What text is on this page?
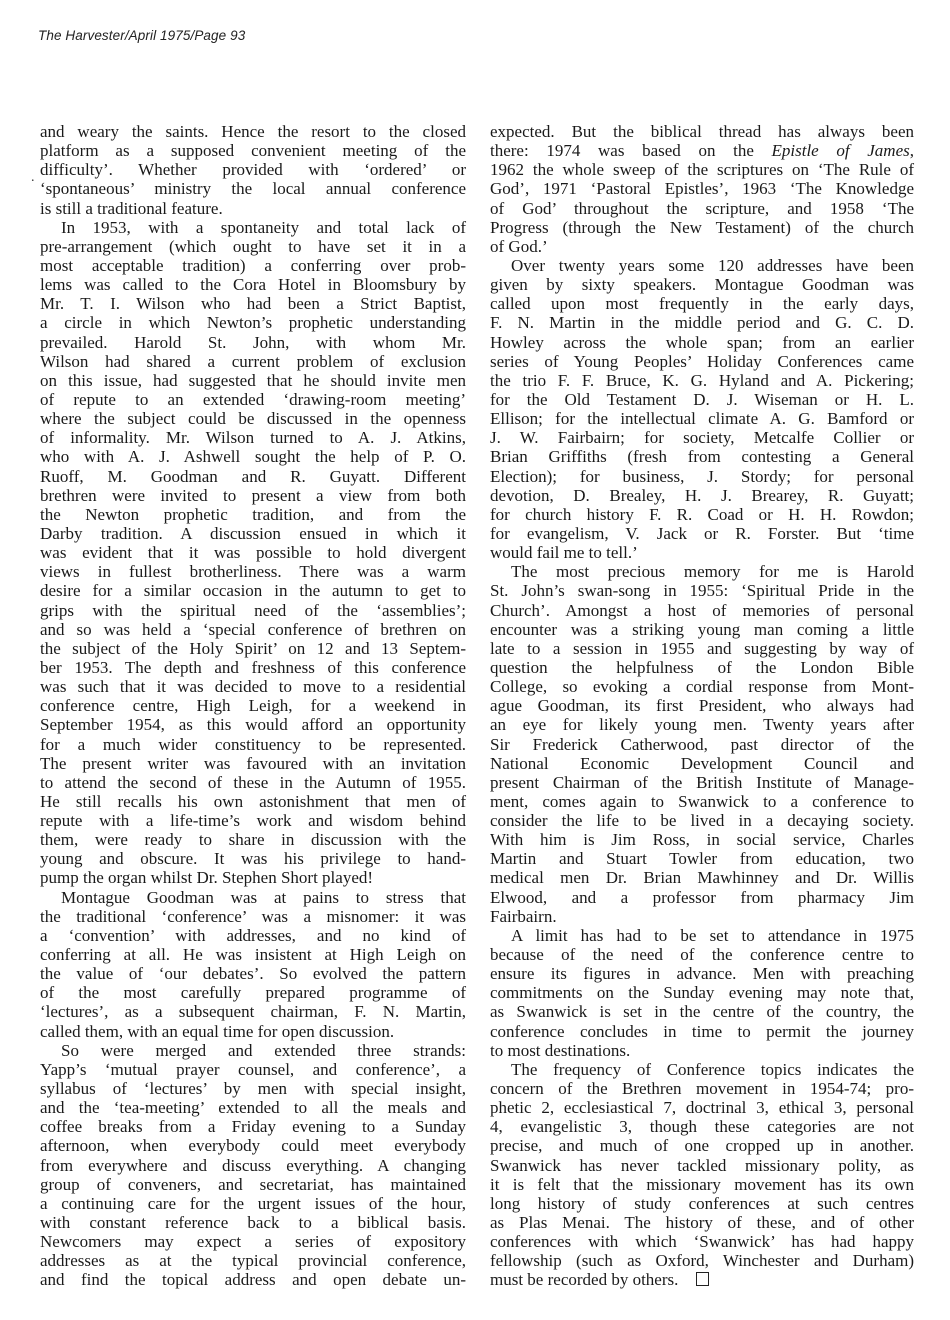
The Harvester/April 1975/Page 93
.
and weary the saints. Hence the resort to the closed
platform as a supposed convenient meeting of the
difficulty’. Whether provided with ‘ordered’ or
‘spontaneous’ ministry the local annual conference
is still a traditional feature.
In 1953, with a spontaneity and total lack of
pre-arrangement (which ought to have set it in a
most acceptable tradition) a conferring over prob-
lems was called to the Cora Hotel in Bloomsbury by
Mr. T. I. Wilson who had been a Strict Baptist,
a circle in which Newton’s prophetic understanding
prevailed. Harold St. John, with whom Mr.
Wilson had shared a current problem of exclusion
on this issue, had suggested that he should invite men
of repute to an extended ‘drawing-room meeting’
where the subject could be discussed in the openness
of informality. Mr. Wilson turned to A. J. Atkins,
who with A. J. Ashwell sought the help of P. O.
Ruoff, M. Goodman and R. Guyatt. Different
brethren were invited to present a view from both
the Newton prophetic tradition, and from the
Darby tradition. A discussion ensued in which it
was evident that it was possible to hold divergent
views in fullest brotherliness. There was a warm
desire for a similar occasion in the autumn to get to
grips with the spiritual need of the ‘assemblies’;
and so was held a ‘special conference of brethren on
the subject of the Holy Spirit’ on 12 and 13 Septem-
ber 1953. The depth and freshness of this conference
was such that it was decided to move to a residential
conference centre, High Leigh, for a weekend in
September 1954, as this would afford an opportunity
for a much wider constituency to be represented.
The present writer was favoured with an invitation
to attend the second of these in the Autumn of 1955.
He still recalls his own astonishment that men of
repute with a life-time’s work and wisdom behind
them, were ready to share in discussion with the
young and obscure. It was his privilege to hand-
pump the organ whilst Dr. Stephen Short played!
Montague Goodman was at pains to stress that
the traditional ‘conference’ was a misnomer: it was
a ‘convention’ with addresses, and no kind of
conferring at all. He was insistent at High Leigh on
the value of ‘our debates’. So evolved the pattern
of the most carefully prepared programme of
‘lectures’, as a subsequent chairman, F. N. Martin,
called them, with an equal time for open discussion.
So were merged and extended three strands:
Yapp’s ‘mutual prayer counsel, and conference’, a
syllabus of ‘lectures’ by men with special insight,
and the ‘tea-meeting’ extended to all the meals and
coffee breaks from a Friday evening to a Sunday
afternoon, when everybody could meet everybody
from everywhere and discuss everything. A changing
group of conveners, and secretariat, has maintained
a continuing care for the urgent issues of the hour,
with constant reference back to a biblical basis.
Newcomers may expect a series of expository
addresses as at the typical provincial conference,
and find the topical address and open debate un-
expected. But the biblical thread has always been
there: 1974 was based on the Epistle of James,
1962 the whole sweep of the scriptures on ‘The Rule of
God’, 1971 ‘Pastoral Epistles’, 1963 ‘The Knowledge
of God’ throughout the scripture, and 1958 ‘The
Progress (through the New Testament) of the church
of God.’
Over twenty years some 120 addresses have been
given by sixty speakers. Montague Goodman was
called upon most frequently in the early days,
F. N. Martin in the middle period and G. C. D.
Howley across the whole span; from an earlier
series of Young Peoples’ Holiday Conferences came
the trio F. F. Bruce, K. G. Hyland and A. Pickering;
for the Old Testament D. J. Wiseman or H. L.
Ellison; for the intellectual climate A. G. Bamford or
J. W. Fairbairn; for society, Metcalfe Collier or
Brian Griffiths (fresh from contesting a General
Election); for business, J. Stordy; for personal
devotion, D. Brealey, H. J. Brearey, R. Guyatt;
for church history F. R. Coad or H. H. Rowdon;
for evangelism, V. Jack or R. Forster. But ‘time
would fail me to tell.’
The most precious memory for me is Harold
St. John’s swan-song in 1955: ‘Spiritual Pride in the
Church’. Amongst a host of memories of personal
encounter was a striking young man coming a little
late to a session in 1955 and suggesting by way of
question the helpfulness of the London Bible
College, so evoking a cordial response from Mont-
ague Goodman, its first President, who always had
an eye for likely young men. Twenty years after
Sir Frederick Catherwood, past director of the
National Economic Development Council and
present Chairman of the British Institute of Manage-
ment, comes again to Swanwick to a conference to
consider the life to be lived in a decaying society.
With him is Jim Ross, in social service, Charles
Martin and Stuart Towler from education, two
medical men Dr. Brian Mawhinney and Dr. Willis
Elwood, and a professor from pharmacy Jim
Fairbairn.
A limit has had to be set to attendance in 1975
because of the need of the conference centre to
ensure its figures in advance. Men with preaching
commitments on the Sunday evening may note that,
as Swanwick is set in the centre of the country, the
conference concludes in time to permit the journey
to most destinations.
The frequency of Conference topics indicates the
concern of the Brethren movement in 1954-74; pro-
phetic 2, ecclesiastical 7, doctrinal 3, ethical 3, personal
4, evangelistic 3, though these categories are not
precise, and much of one cropped up in another.
Swanwick has never tackled missionary polity, as
it is felt that the missionary movement has its own
long history of study conferences at such centres
as Plas Menai. The history of these, and of other
conferences with which ‘Swanwick’ has had happy
fellowship (such as Oxford, Winchester and Durham)
must be recorded by others.
